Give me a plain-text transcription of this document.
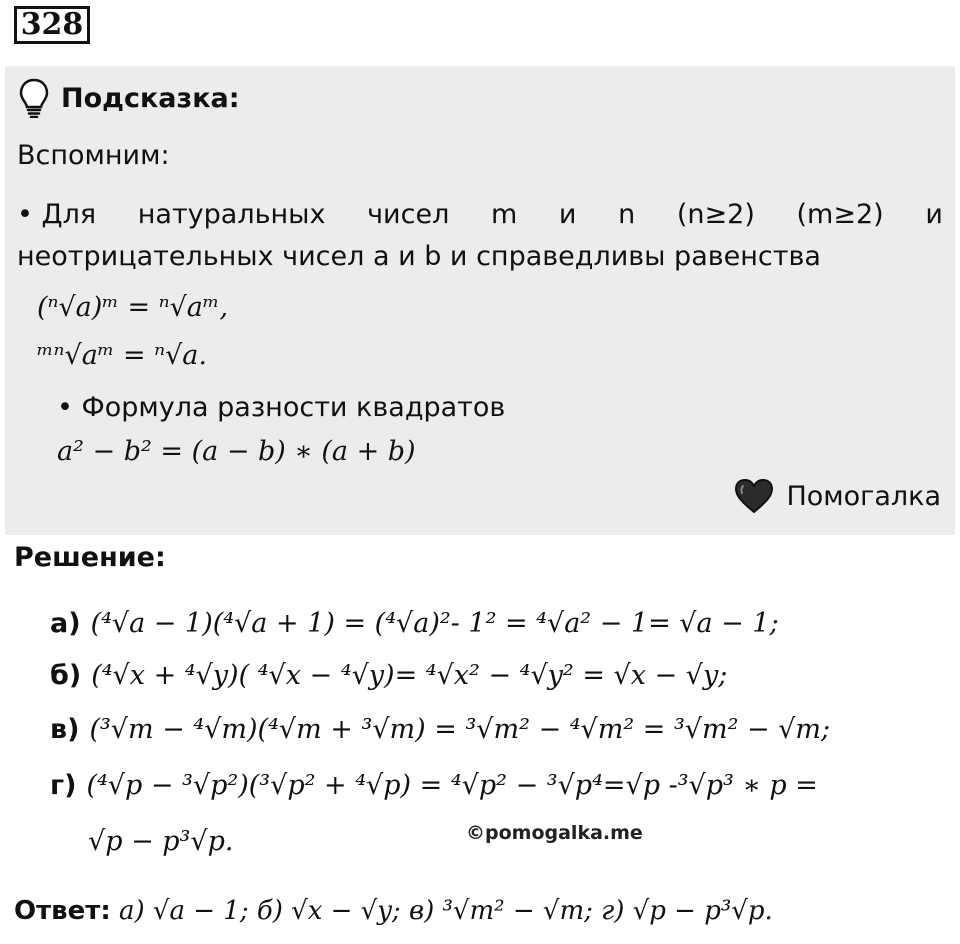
328
Подсказка:
Вспомним:
• Для натуральных чисел m и n (n≥2) (m≥2) и
неотрицательных чисел a и b и справедливы равенства
(ⁿ√a)ᵐ = ⁿ√aᵐ,
ᵐⁿ√aᵐ = ⁿ√a.
• Формула разности квадратов
a² − b² = (a − b) ∗ (a + b)
Помогалка
Решение:
а) (⁴√a − 1)(⁴√a + 1) = (⁴√a)²- 1² = ⁴√a² − 1= √a − 1;
б) (⁴√x + ⁴√y)( ⁴√x − ⁴√y)= ⁴√x² − ⁴√y² = √x − √y;
в) (³√m − ⁴√m)(⁴√m + ³√m) = ³√m² − ⁴√m² = ³√m² − √m;
г) (⁴√p − ³√p²)(³√p² + ⁴√p) = ⁴√p² − ³√p⁴=√p -³√p³ ∗ p =
√p − p³√p.	©pomogalka.me
Ответ: а) √a − 1; б) √x − √y; в) ³√m² − √m; г) √p − p³√p.
